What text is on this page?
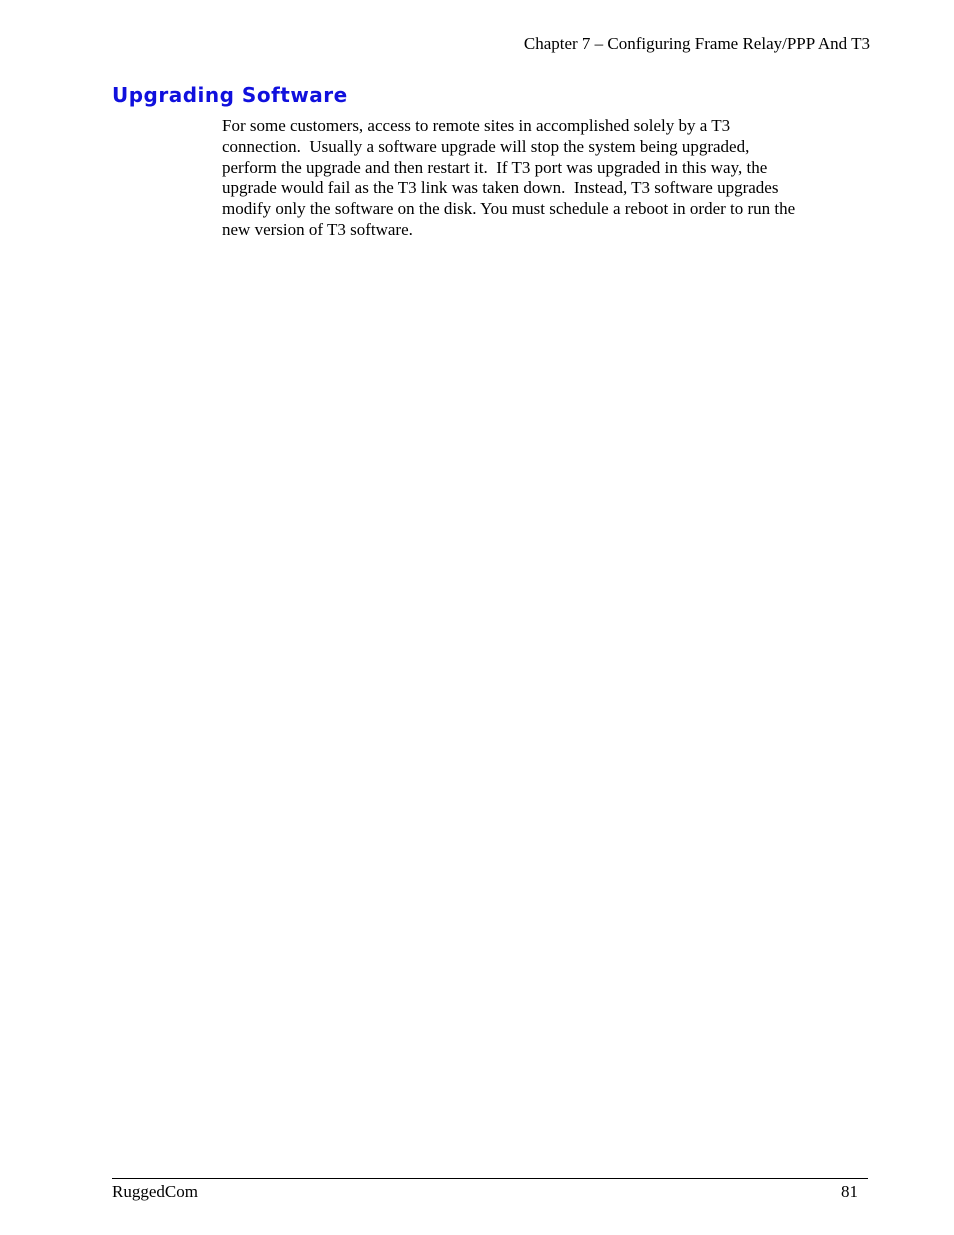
Chapter 7 – Configuring Frame Relay/PPP And T3
Upgrading Software
For some customers, access to remote sites in accomplished solely by a T3
connection.  Usually a software upgrade will stop the system being upgraded,
perform the upgrade and then restart it.  If T3 port was upgraded in this way, the
upgrade would fail as the T3 link was taken down.  Instead, T3 software upgrades
modify only the software on the disk. You must schedule a reboot in order to run the
new version of T3 software.
RuggedCom	81
